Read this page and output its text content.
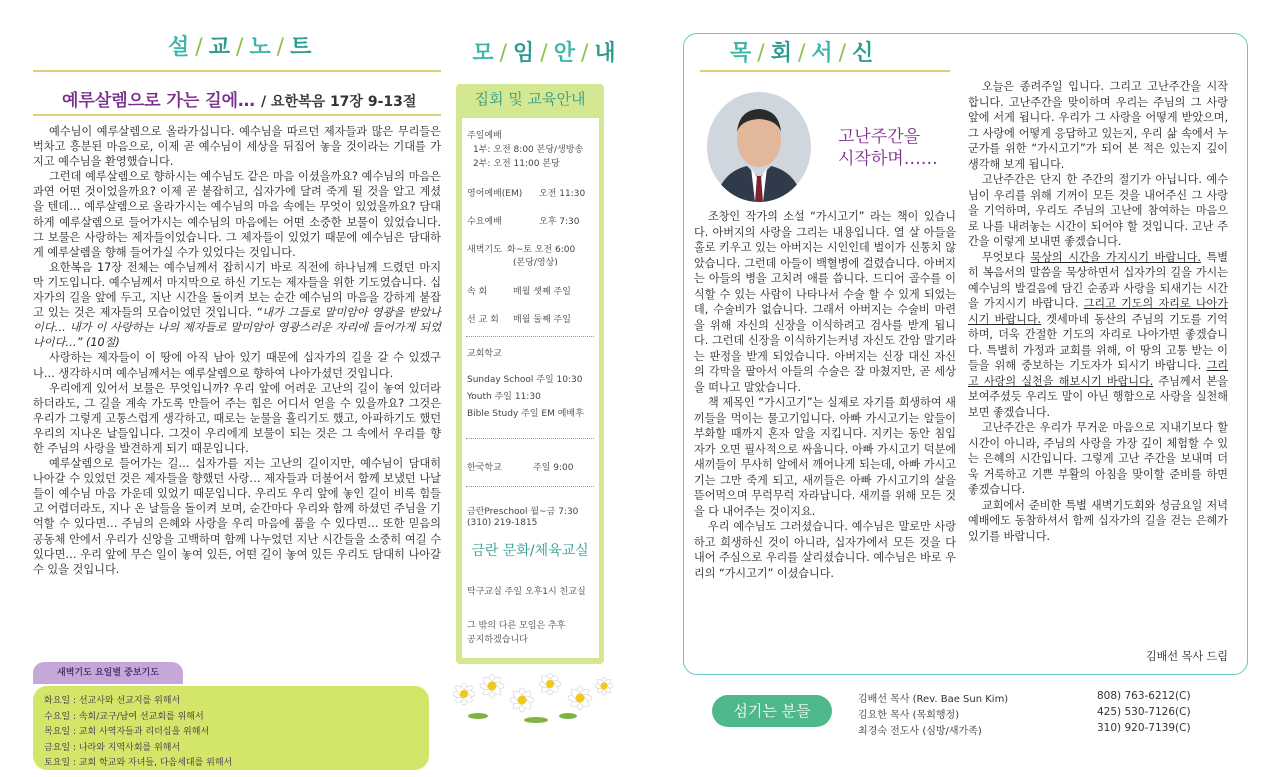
설 / 교 / 노 / 트
예루살렘으로 가는 길에… / 요한복음 17장 9-13절

예수님이 예루살렘으로 올라가십니다. 예수님을 따르던 제자들과 많은 무리들은 벅차고 흥분된 마음으로, 이제 곧 예수님이 세상을 뒤집어 놓을 것이라는 기대를 가지고 예수님을 환영했습니다.

그런데 예루살렘으로 향하시는 예수님도 같은 마음 이셨을까요? 예수님의 마음은 과연 어떤 것이었을까요? 이제 곧 붙잡히고, 십자가에 달려 죽게 될 것을 알고 계셨을 텐데… 예루살렘으로 올라가시는 예수님의 마음 속에는 무엇이 있었을까요? 담대하게 예루살렘으로 들어가시는 예수님의 마음에는 어떤 소중한 보물이 있었습니다. 그 보물은 사랑하는 제자들이었습니다. 그 제자들이 있었기 때문에 예수님은 담대하게 예루살렘을 향해 들어가실 수가 있었다는 것입니다.

요한복음 17장 전체는 예수님께서 잡히시기 바로 직전에 하나님께 드렸던 마지막 기도입니다. 예수님께서 마지막으로 하신 기도는 제자들을 위한 기도였습니다. 십자가의 길을 앞에 두고, 지난 시간을 돌이켜 보는 순간 예수님의 마음을 강하게 붙잡고 있는 것은 제자들의 모습이었던 것입니다. “내가 그들로 말미암아 영광을 받았나이다… 내가 이 사랑하는 나의 제자들로 말미암아 영광스러운 자리에 들어가게 되었나이다…” (10절)

사랑하는 제자들이 이 땅에 아직 남아 있기 때문에 십자가의 길을 갈 수 있겠구나… 생각하시며 예수님께서는 예루살렘으로 향하여 나아가셨던 것입니다.

우리에게 있어서 보물은 무엇입니까? 우리 앞에 어려운 고난의 길이 놓여 있더라 하더라도, 그 길을 계속 가도록 만들어 주는 힘은 어디서 얻을 수 있을까요? 그것은 우리가 그렇게 고통스럽게 생각하고, 때로는 눈물을 흘리기도 했고, 아파하기도 했던 우리의 지나온 날들입니다. 그것이 우리에게 보물이 되는 것은 그 속에서 우리를 향한 주님의 사랑을 발견하게 되기 때문입니다.

예루살렘으로 들어가는 길… 십자가를 지는 고난의 길이지만, 예수님이 담대히 나아갈 수 있었던 것은 제자들을 향했던 사랑… 제자들과 더불어서 함께 보냈던 나날들이 예수님 마음 가운데 있었기 때문입니다. 우리도 우리 앞에 놓인 길이 비록 힘들고 어렵더라도, 지나 온 날들을 돌이켜 보며, 순간마다 우리와 함께 하셨던 주님을 기억할 수 있다면… 주님의 은혜와 사랑을 우리 마음에 품을 수 있다면… 또한 믿음의 공동체 안에서 우리가 신앙을 고백하며 함께 나누었던 지난 시간들을 소중히 여길 수 있다면… 우리 앞에 무슨 일이 놓여 있든, 어떤 길이 놓여 있든 우리도 담대히 나아갈 수 있을 것입니다.

새벽기도 요일별 중보기도
화요일 : 선교사와 선교지를 위해서
수요일 : 속회/교구/남여 선교회를 위해서
목요일 : 교회 사역자들과 리더십을 위해서
금요일 : 나라와 지역사회를 위해서
토요일 : 교회 학교와 자녀들, 다음세대를 위해서
모 / 임 / 안 / 내
집회 및 교육안내
주일예배
1부: 오전 8:00 본당/생방송
2부: 오전 11:00 본당
영어예배(EM) 오전 11:30
수요예배	오후 7:30
새벽기도 화~토 오전 6:00
(본당/영상)
속 회	매월 셋째 주일
선 교 회 매월 둘째 주일
교회학교
Sunday School 주일 10:30
Youth 주일 11:30
Bible Study 주일 EM 예배후
한국학교	주일 9:00
금란Preschool 월~금 7:30
(310) 219-1815
금란 문화/체육교실
탁구교실 주일 오후1시 친교실
그 밖의 다른 모임은 추후
공지하겠습니다
목 / 회 / 서 / 신
고난주간을
시작하며……

조창인 작가의 소설 “가시고기” 라는 책이 있습니다. 아버지의 사랑을 그리는 내용입니다. 열 살 아들을 홀로 키우고 있는 아버지는 시인인데 벌이가 신통치 않았습니다. 그런데 아들이 백혈병에 걸렸습니다. 아버지는 아들의 병을 고치려 애를 씁니다. 드디어 골수를 이식할 수 있는 사람이 나타나서 수술 할 수 있게 되었는데, 수술비가 없습니다. 그래서 아버지는 수술비 마련을 위해 자신의 신장을 이식하려고 검사를 받게 됩니다. 그런데 신장을 이식하기는커녕 자신도 간암 말기라는 판정을 받게 되었습니다. 아버지는 신장 대신 자신의 각막을 팔아서 아들의 수술은 잘 마쳤지만, 곧 세상을 떠나고 말았습니다.

책 제목인 “가시고기”는 실제로 자기를 희생하여 새끼들을 먹이는 물고기입니다. 아빠 가시고기는 알들이 부화할 때까지 혼자 알을 지킵니다. 지키는 동안 침입자가 오면 필사적으로 싸웁니다. 아빠 가시고기 덕분에 새끼들이 무사히 알에서 깨어나게 되는데, 아빠 가시고기는 그만 죽게 되고, 새끼들은 아빠 가시고기의 살을 뜯어먹으며 무럭무럭 자라납니다. 새끼를 위해 모든 것을 다 내어주는 것이지요.

우리 예수님도 그러셨습니다. 예수님은 말로만 사랑하고 희생하신 것이 아니라, 십자가에서 모든 것을 다 내어 주심으로 우리를 살리셨습니다. 예수님은 바로 우리의 “가시고기” 이셨습니다.

오늘은 종려주일 입니다. 그리고 고난주간을 시작합니다. 고난주간을 맞이하며 우리는 주님의 그 사랑 앞에 서게 됩니다. 우리가 그 사랑을 어떻게 받았으며, 그 사랑에 어떻게 응답하고 있는지, 우리 삶 속에서 누군가를 위한 “가시고기”가 되어 본 적은 있는지 깊이 생각해 보게 됩니다.

고난주간은 단지 한 주간의 절기가 아닙니다. 예수님이 우리를 위해 기꺼이 모든 것을 내어주신 그 사랑을 기억하며, 우리도 주님의 고난에 참여하는 마음으로 나를 내려놓는 시간이 되어야 할 것입니다. 고난 주간을 이렇게 보내면 좋겠습니다.

무엇보다 묵상의 시간을 가지시기 바랍니다. 특별히 복음서의 말씀을 묵상하면서 십자가의 길을 가시는 예수님의 발걸음에 담긴 순종과 사랑을 되새기는 시간을 가지시기 바랍니다. 그리고 기도의 자리로 나아가시기 바랍니다. 겟세마네 동산의 주님의 기도를 기억하며, 더욱 간절한 기도의 자리로 나아가면 좋겠습니다. 특별히 가정과 교회를 위해, 이 땅의 고통 받는 이들을 위해 중보하는 기도자가 되시기 바랍니다. 그리고 사랑의 실천을 해보시기 바랍니다. 주님께서 본을 보여주셨듯 우리도 말이 아닌 행함으로 사랑을 실천해 보면 좋겠습니다.

고난주간은 우리가 무거운 마음으로 지내기보다 할 시간이 아니라, 주님의 사랑을 가장 깊이 체험할 수 있는 은혜의 시간입니다. 그렇게 고난 주간을 보내며 더욱 거룩하고 기쁜 부활의 아침을 맞이할 준비를 하면 좋겠습니다.

교회에서 준비한 특별 새벽기도회와 성금요일 저녁예배에도 동참하셔서 함께 십자가의 길을 걷는 은혜가 있기를 바랍니다.

김배선 목사 드림
섬기는 분들
김배선 목사 (Rev. Bae Sun Kim)	808) 763-6212(C)
김요한 목사 (목회행정)	425) 530-7126(C)
최경숙 전도사 (심방/새가족)	310) 920-7139(C)
